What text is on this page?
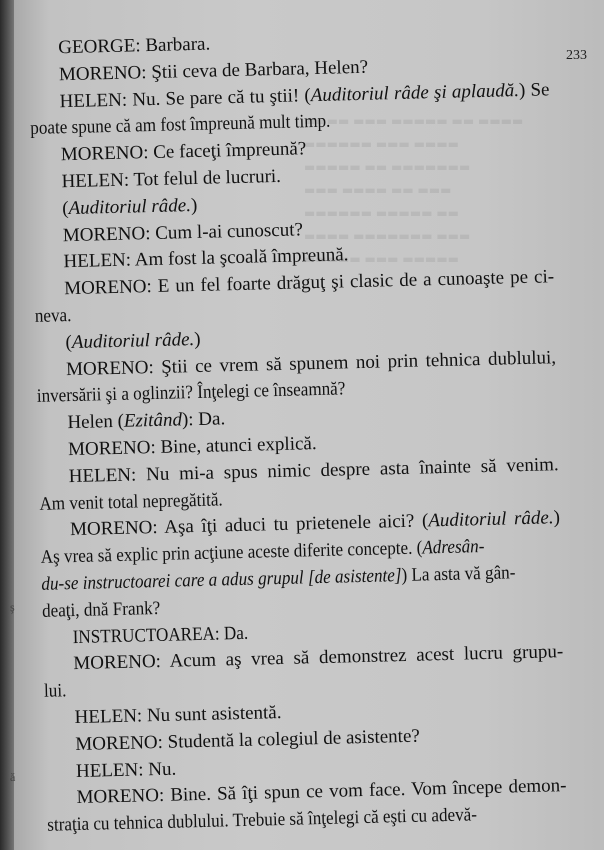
▬▬▬▬ ▬▬▬ ▬▬▬▬▬ ▬▬ ▬▬▬▬
▬▬▬▬▬▬ ▬▬▬ ▬▬▬▬
▬▬▬▬▬ ▬▬ ▬▬▬▬▬▬▬
▬▬▬ ▬▬▬▬ ▬▬ ▬▬▬
▬▬▬▬▬▬ ▬▬▬▬▬ ▬▬
▬▬▬▬ ▬▬▬▬▬▬▬ ▬▬▬
▬▬▬▬▬ ▬▬▬ ▬▬▬▬▬
233
GEORGE: Barbara.
MORENO: Ştii ceva de Barbara, Helen?
HELEN: Nu. Se pare că tu ştii! (Auditoriul râde şi aplaudă.) Se
poate spune că am fost împreună mult timp.
MORENO: Ce faceţi împreună?
HELEN: Tot felul de lucruri.
(Auditoriul râde.)
MORENO: Cum l-ai cunoscut?
HELEN: Am fost la şcoală împreună.
MORENO: E un fel foarte drăguţ şi clasic de a cunoaşte pe ci-
neva.
(Auditoriul râde.)
MORENO: Ştii ce vrem să spunem noi prin tehnica dublului,
inversării şi a oglinzii? Înţelegi ce înseamnă?
Helen (Ezitând): Da.
MORENO: Bine, atunci explică.
HELEN: Nu mi-a spus nimic despre asta înainte să venim.
Am venit total nepregătită.
MORENO: Aşa îţi aduci tu prietenele aici? (Auditoriul râde.)
Aş vrea să explic prin acţiune aceste diferite concepte. (Adresân-
du-se instructoarei care a adus grupul [de asistente]) La asta vă gân-
deaţi, dnă Frank?
INSTRUCTOAREA: Da.
MORENO: Acum aş vrea să demonstrez acest lucru grupu-
lui.
HELEN: Nu sunt asistentă.
MORENO: Studentă la colegiul de asistente?
HELEN: Nu.
MORENO: Bine. Să îţi spun ce vom face. Vom începe demon-
straţia cu tehnica dublului. Trebuie să înţelegi că eşti cu adevă-
ş
ă
